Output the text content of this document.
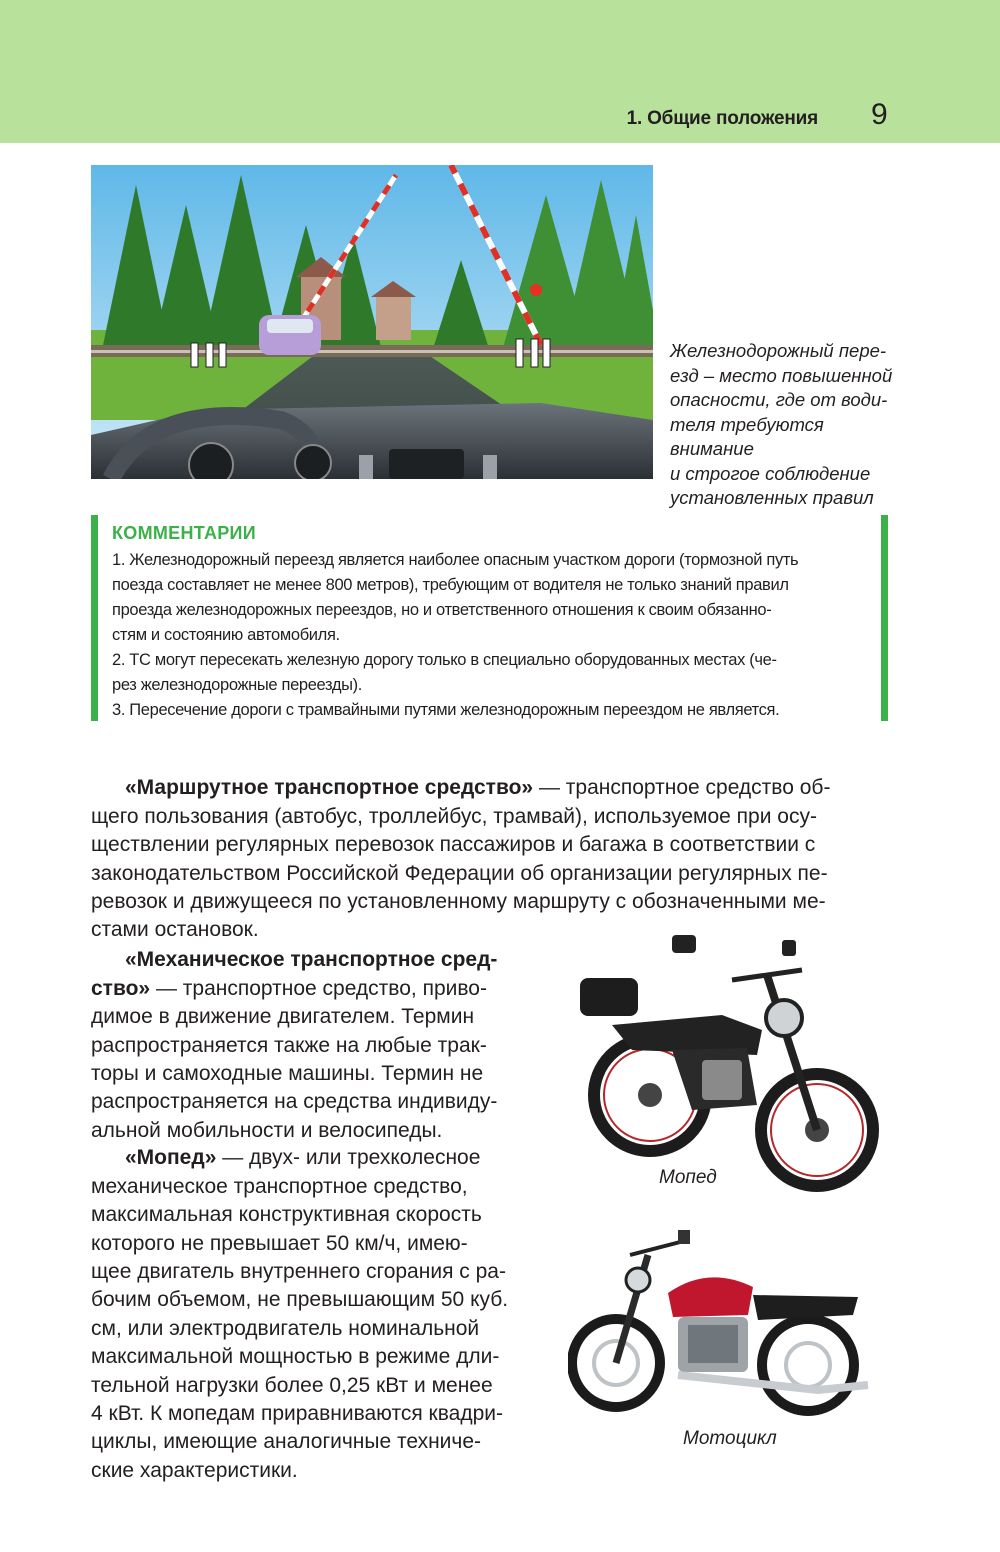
1. Общие положения 9
Железнодорожный пере-
езд – место повышенной
опасности, где от води-
теля требуются внимание
и строгое соблюдение
установленных правил
КОММЕНТАРИИ
1. Железнодорожный переезд является наиболее опасным участком дороги (тормозной путь
поезда составляет не менее 800 метров), требующим от водителя не только знаний правил
проезда железнодорожных переездов, но и ответственного отношения к своим обязанно-
стям и состоянию автомобиля.
2. ТС могут пересекать железную дорогу только в специально оборудованных местах (че-
рез железнодорожные переезды).
3. Пересечение дороги с трамвайными путями железнодорожным переездом не является.

«Маршрутное транспортное средство» — транспортное средство об-
щего пользования (автобус, троллейбус, трамвай), используемое при осу-
ществлении регулярных перевозок пассажиров и багажа в соответствии с
законодательством Российской Федерации об организации регулярных пе-
ревозок и движущееся по установленному маршруту с обозначенными ме-
стами остановок.

«Механическое транспортное сред-
ство» — транспортное средство, приво-
димое в движение двигателем. Термин
распространяется также на любые трак-
торы и самоходные машины. Термин не
распространяется на средства индивиду-
альной мобильности и велосипеды.

«Мопед» — двух- или трехколесное
механическое транспортное средство,
максимальная конструктивная скорость
которого не превышает 50 км/ч, имею-
щее двигатель внутреннего сгорания с ра-
бочим объемом, не превышающим 50 куб.
см, или электродвигатель номинальной
максимальной мощностью в режиме дли-
тельной нагрузки более 0,25 кВт и менее
4 кВт. К мопедам приравниваются квадри-
циклы, имеющие аналогичные техниче-
ские характеристики.

Мопед
Мотоцикл
